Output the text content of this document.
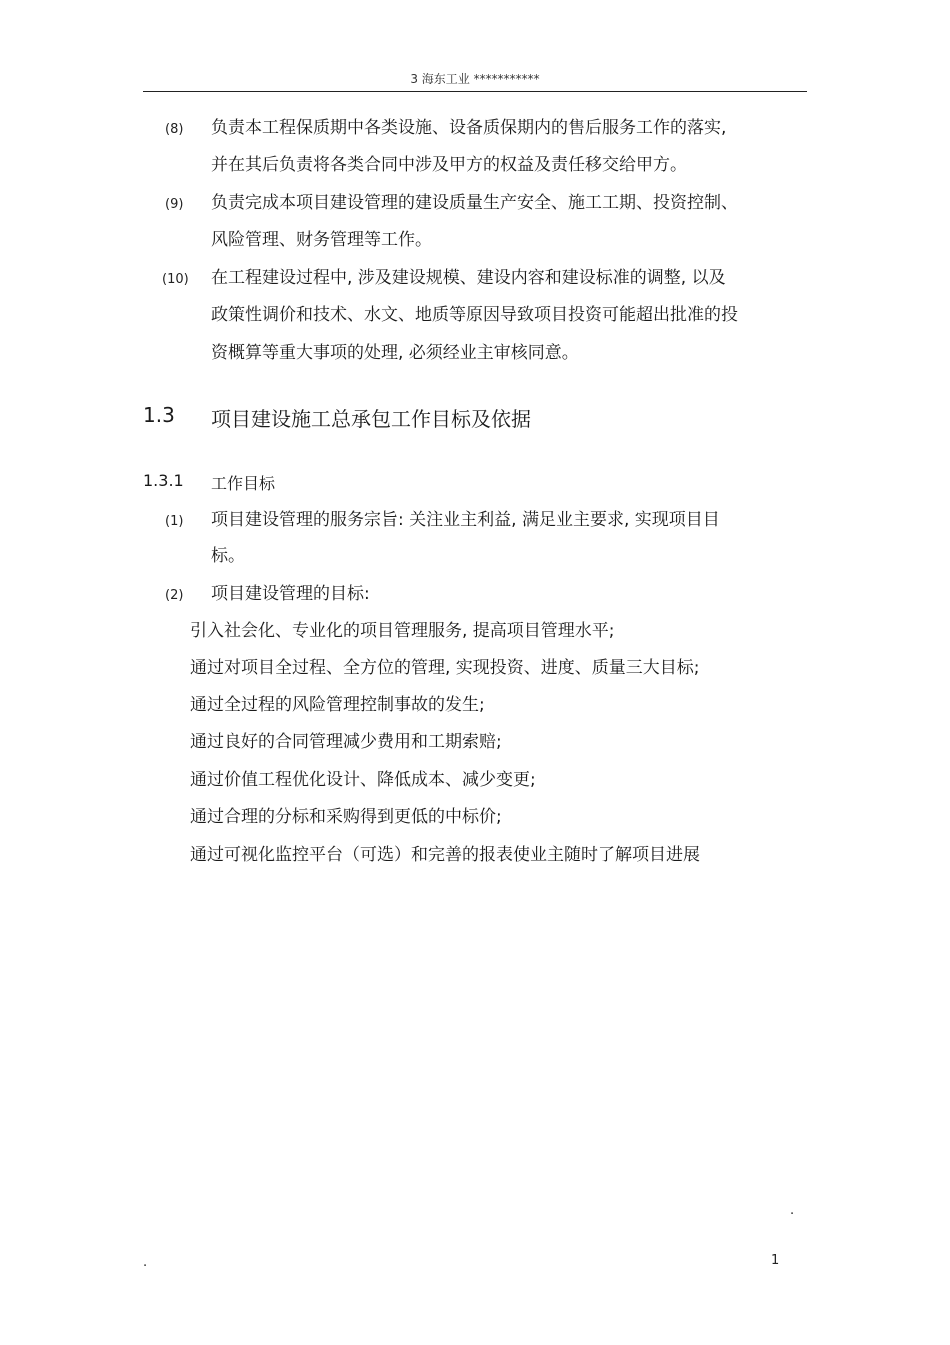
3 海东工业 ***********
(8) 负责本工程保质期中各类设施、设备质保期内的售后服务工作的落实,
并在其后负责将各类合同中涉及甲方的权益及责任移交给甲方。
(9) 负责完成本项目建设管理的建设质量生产安全、施工工期、投资控制、
风险管理、财务管理等工作。
(10) 在工程建设过程中, 涉及建设规模、建设内容和建设标准的调整, 以及
政策性调价和技术、水文、地质等原因导致项目投资可能超出批准的投
资概算等重大事项的处理, 必须经业主审核同意。
1.3 项目建设施工总承包工作目标及依据
1.3.1 工作目标
(1) 项目建设管理的服务宗旨: 关注业主利益, 满足业主要求, 实现项目目
标。
(2) 项目建设管理的目标:
引入社会化、专业化的项目管理服务, 提高项目管理水平;
通过对项目全过程、全方位的管理, 实现投资、进度、质量三大目标;
通过全过程的风险管理控制事故的发生;
通过良好的合同管理减少费用和工期索赔;
通过价值工程优化设计、降低成本、减少变更;
通过合理的分标和采购得到更低的中标价;
通过可视化监控平台（可选）和完善的报表使业主随时了解项目进展
.
.	1
